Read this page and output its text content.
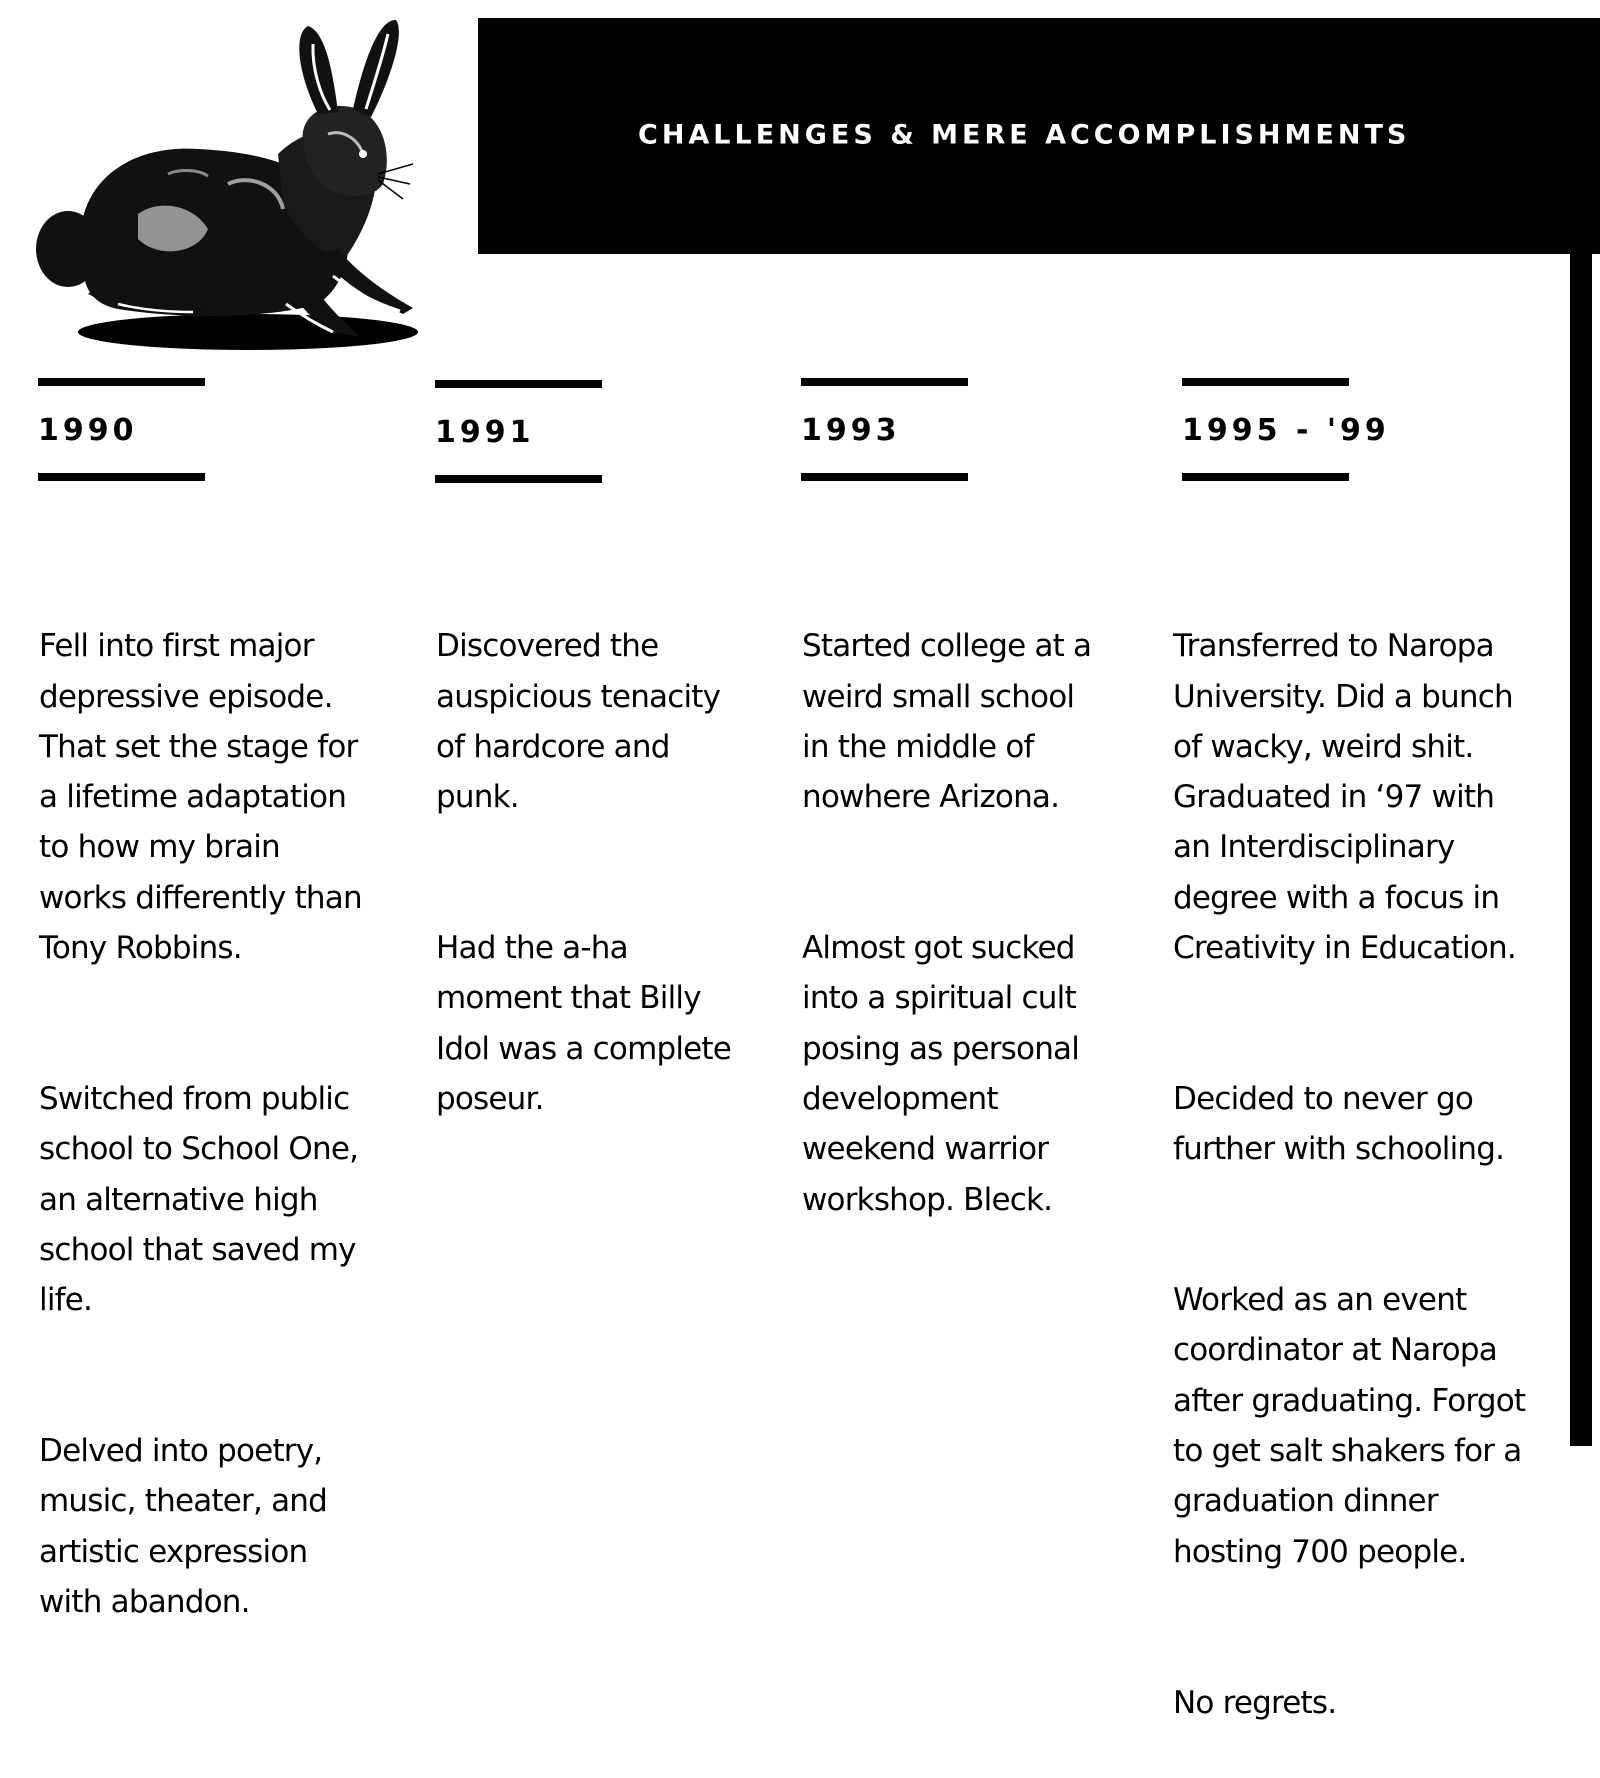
CHALLENGES & MERE ACCOMPLISHMENTS
1990

Fell into first major
depressive episode.
That set the stage for
a lifetime adaptation
to how my brain
works differently than
Tony Robbins.

Switched from public
school to School One,
an alternative high
school that saved my
life.

Delved into poetry,
music, theater, and
artistic expression
with abandon.

1991

Discovered the
auspicious tenacity
of hardcore and
punk.

Had the a-ha
moment that Billy
Idol was a complete
poseur.

1993

Started college at a
weird small school
in the middle of
nowhere Arizona.

Almost got sucked
into a spiritual cult
posing as personal
development
weekend warrior
workshop. Bleck.

1995 - '99

Transferred to Naropa
University. Did a bunch
of wacky, weird shit.
Graduated in ‘97 with
an Interdisciplinary
degree with a focus in
Creativity in Education.

Decided to never go
further with schooling.

Worked as an event
coordinator at Naropa
after graduating. Forgot
to get salt shakers for a
graduation dinner
hosting 700 people.

No regrets.
